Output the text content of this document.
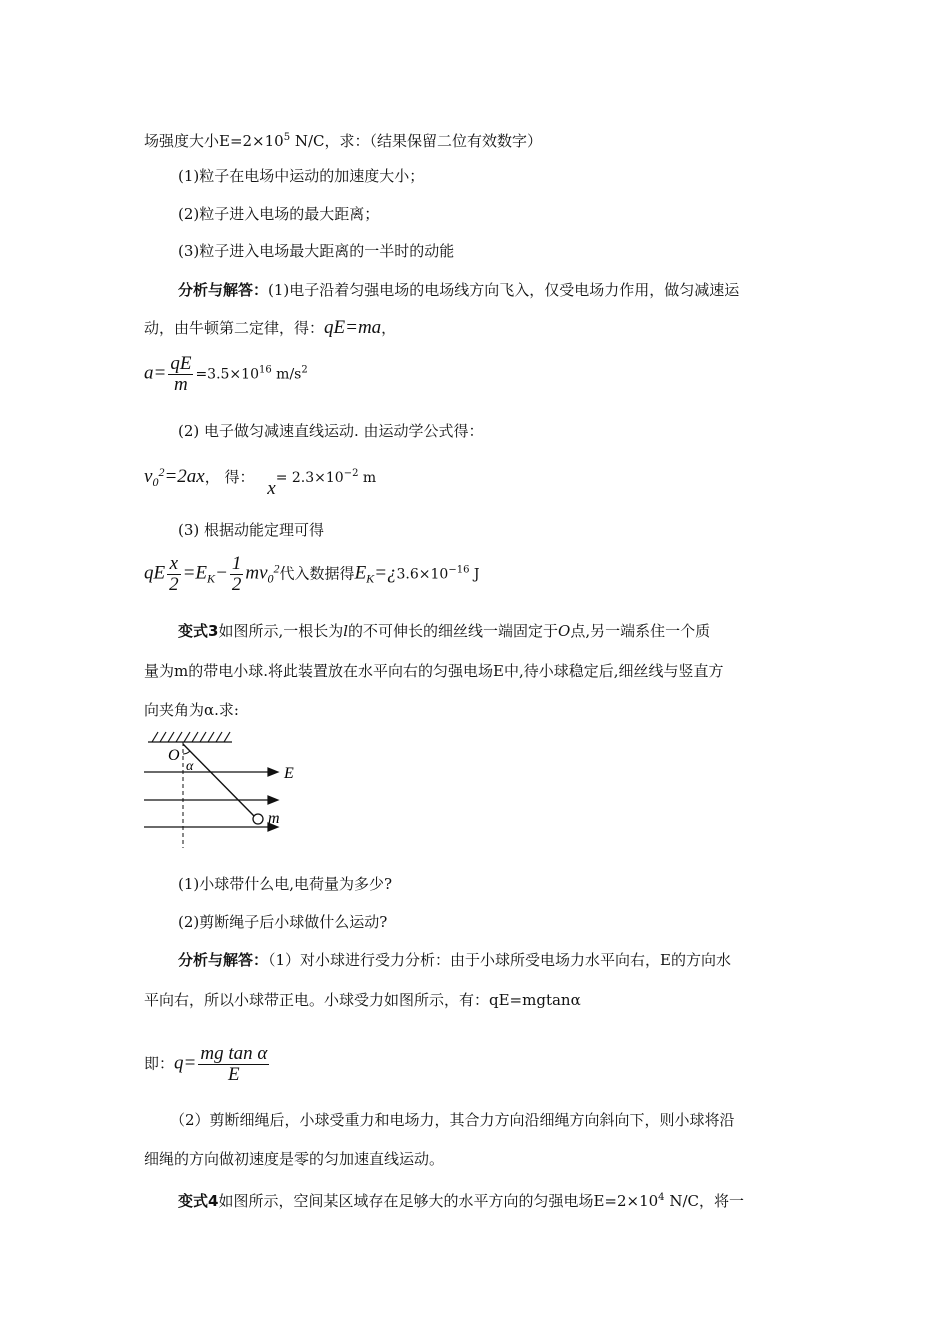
场强度大小$E=2\times 10^5$ N/C，求：（结果保留二位有效数字）
(1)粒子在电场中运动的加速度大小；
(2)粒子进入电场的最大距离；
(3)粒子进入电场最大距离的一半时的动能
分析与解答：(1)电子沿着匀强电场的电场线方向飞入，仅受电场力作用，做匀减速运
动，由牛顿第二定律，得：qE=ma，
$a= \frac{qE}{m} =3.5\times 10^{16}$ $m/s^2$
(2) 电子做匀减速直线运动. 由运动学公式得：
$v_0^2=2ax$， 得： $x= 2.3\times 10^{-2}$ m
(3) 根据动能定理可得
qE $\frac{x}{2} =E_K- \frac{1}{2} mv_0^2$代入数据得$E_K=¿3.6\times 10^{-16}$ J
变式3如图所示,一根长为l的不可伸长的细丝线一端固定于O点,另一端系住一个质
量为m的带电小球.将此装置放在水平向右的匀强电场E中,待小球稳定后,细丝线与竖直方
向夹角为α.求:
O
α	E
m
(1)小球带什么电,电荷量为多少?
(2)剪断绳子后小球做什么运动?
分析与解答：（1）对小球进行受力分析：由于小球所受电场力水平向右，E的方向水
平向右，所以小球带正电。小球受力如图所示，有：qE=mgtanα
即：$q= \frac{\text{mg tan α}}{E}$
（2）剪断细绳后，小球受重力和电场力，其合力方向沿细绳方向斜向下，则小球将沿
细绳的方向做初速度是零的匀加速直线运动。
变式4如图所示，空间某区域存在足够大的水平方向的匀强电场$E=2\times 10^4$ N/C，将一
